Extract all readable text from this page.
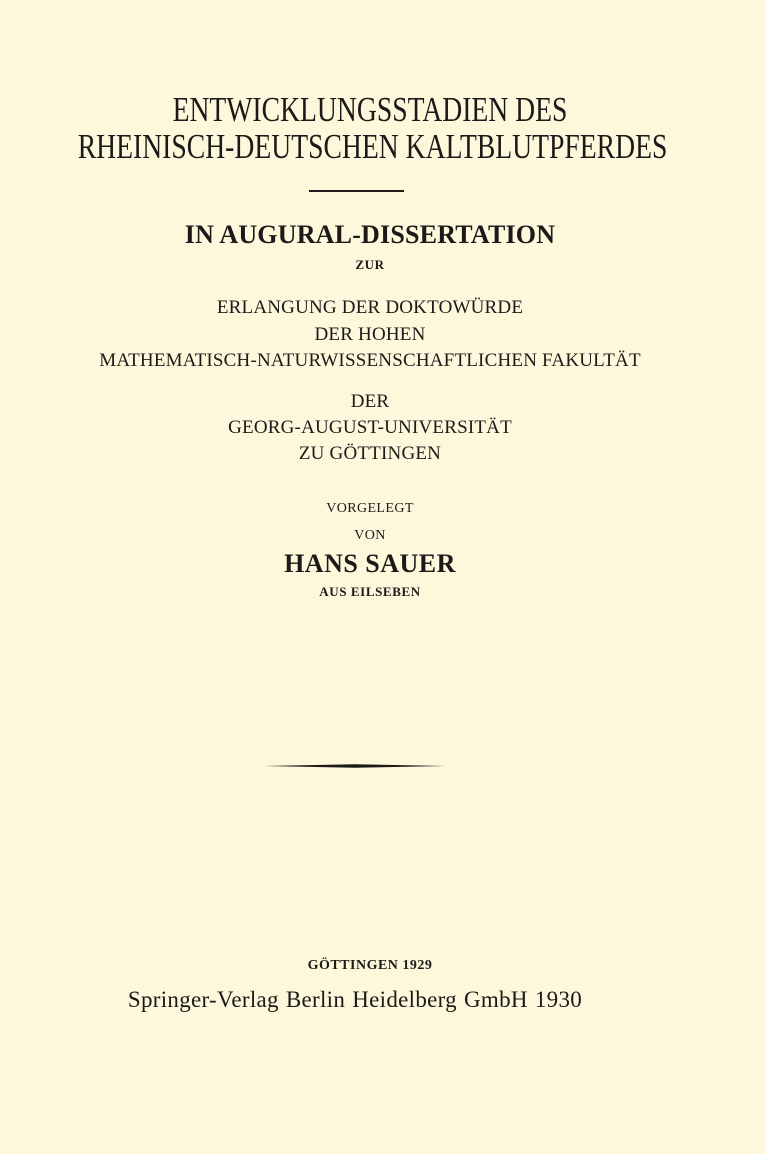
ENTWICKLUNGSSTADIEN DES
RHEINISCH-DEUTSCHEN KALTBLUTPFERDES
IN AUGURAL-DISSERTATION
ZUR
ERLANGUNG DER DOKTOWÜRDE
DER HOHEN
MATHEMATISCH-NATURWISSENSCHAFTLICHEN FAKULTÄT
DER
GEORG-AUGUST-UNIVERSITÄT
ZU GÖTTINGEN
VORGELEGT
VON
HANS SAUER
AUS EILSEBEN
GÖTTINGEN 1929
Springer-Verlag Berlin Heidelberg GmbH 1930
